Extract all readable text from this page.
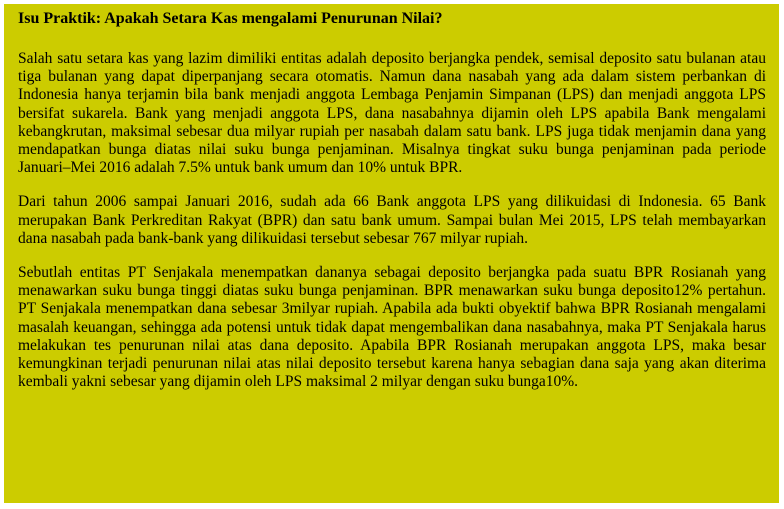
Isu Praktik: Apakah Setara Kas mengalami Penurunan Nilai?

Salah satu setara kas yang lazim dimiliki entitas adalah deposito berjangka pendek, semisal deposito satu bulanan atau tiga bulanan yang dapat diperpanjang secara otomatis. Namun dana nasabah yang ada dalam sistem perbankan di Indonesia hanya terjamin bila bank menjadi anggota Lembaga Penjamin Simpanan (LPS) dan menjadi anggota LPS bersifat sukarela. Bank yang menjadi anggota LPS, dana nasabahnya dijamin oleh LPS apabila Bank mengalami kebangkrutan, maksimal sebesar dua milyar rupiah per nasabah dalam satu bank. LPS juga tidak menjamin dana yang mendapatkan bunga diatas nilai suku bunga penjaminan. Misalnya tingkat suku bunga penjaminan pada periode Januari–Mei 2016 adalah 7.5% untuk bank umum dan 10% untuk BPR.

Dari tahun 2006 sampai Januari 2016, sudah ada 66 Bank anggota LPS yang dilikuidasi di Indonesia. 65 Bank merupakan Bank Perkreditan Rakyat (BPR) dan satu bank umum. Sampai bulan Mei 2015, LPS telah membayarkan dana nasabah pada bank-bank yang dilikuidasi tersebut sebesar 767 milyar rupiah.

Sebutlah entitas PT Senjakala menempatkan dananya sebagai deposito berjangka pada suatu BPR Rosianah yang menawarkan suku bunga tinggi diatas suku bunga penjaminan. BPR menawarkan suku bunga deposito12% pertahun. PT Senjakala menempatkan dana sebesar 3milyar rupiah. Apabila ada bukti obyektif bahwa BPR Rosianah mengalami masalah keuangan, sehingga ada potensi untuk tidak dapat mengembalikan dana nasabahnya, maka PT Senjakala harus melakukan tes penurunan nilai atas dana deposito. Apabila BPR Rosianah merupakan anggota LPS, maka besar kemungkinan terjadi penurunan nilai atas nilai deposito tersebut karena hanya sebagian dana saja yang akan diterima kembali yakni sebesar yang dijamin oleh LPS maksimal 2 milyar dengan suku bunga10%.
